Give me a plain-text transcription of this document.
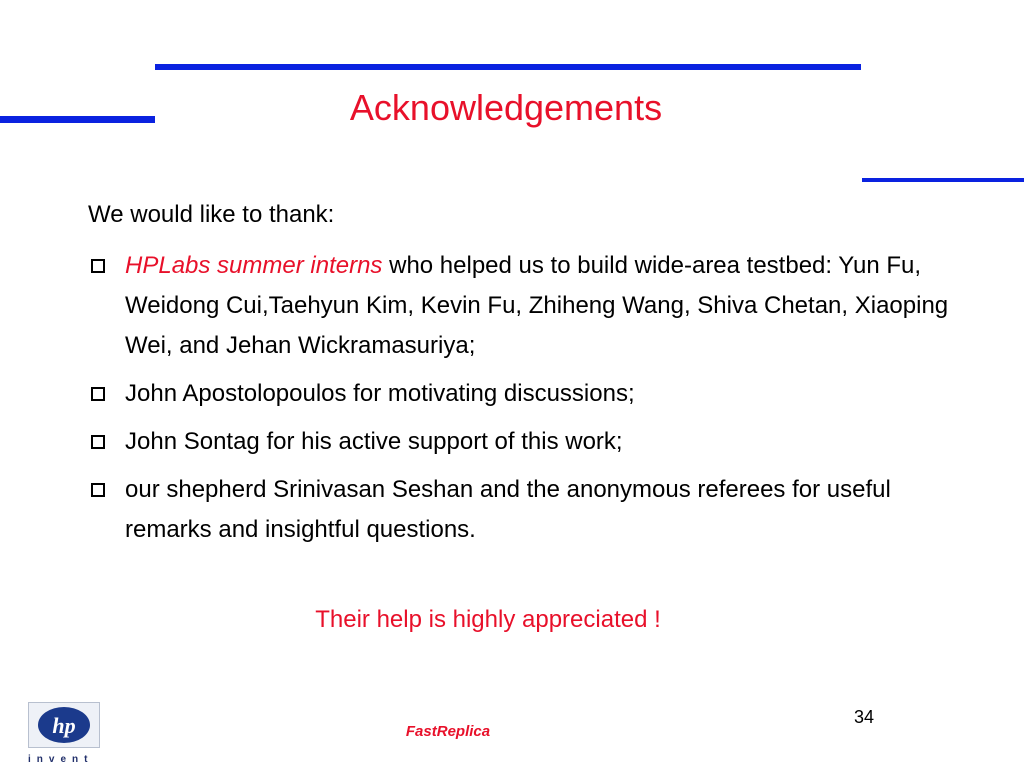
Acknowledgements
We would like to thank:
HPLabs summer interns who helped us to build wide-area testbed: Yun Fu, Weidong Cui,Taehyun Kim, Kevin Fu, Zhiheng Wang, Shiva Chetan, Xiaoping Wei, and Jehan Wickramasuriya;
John Apostolopoulos for motivating discussions;
John Sontag for his active support of this work;
our shepherd Srinivasan Seshan and the anonymous referees for useful remarks and insightful questions.
Their help is highly appreciated !
34
FastReplica
hp
invent
